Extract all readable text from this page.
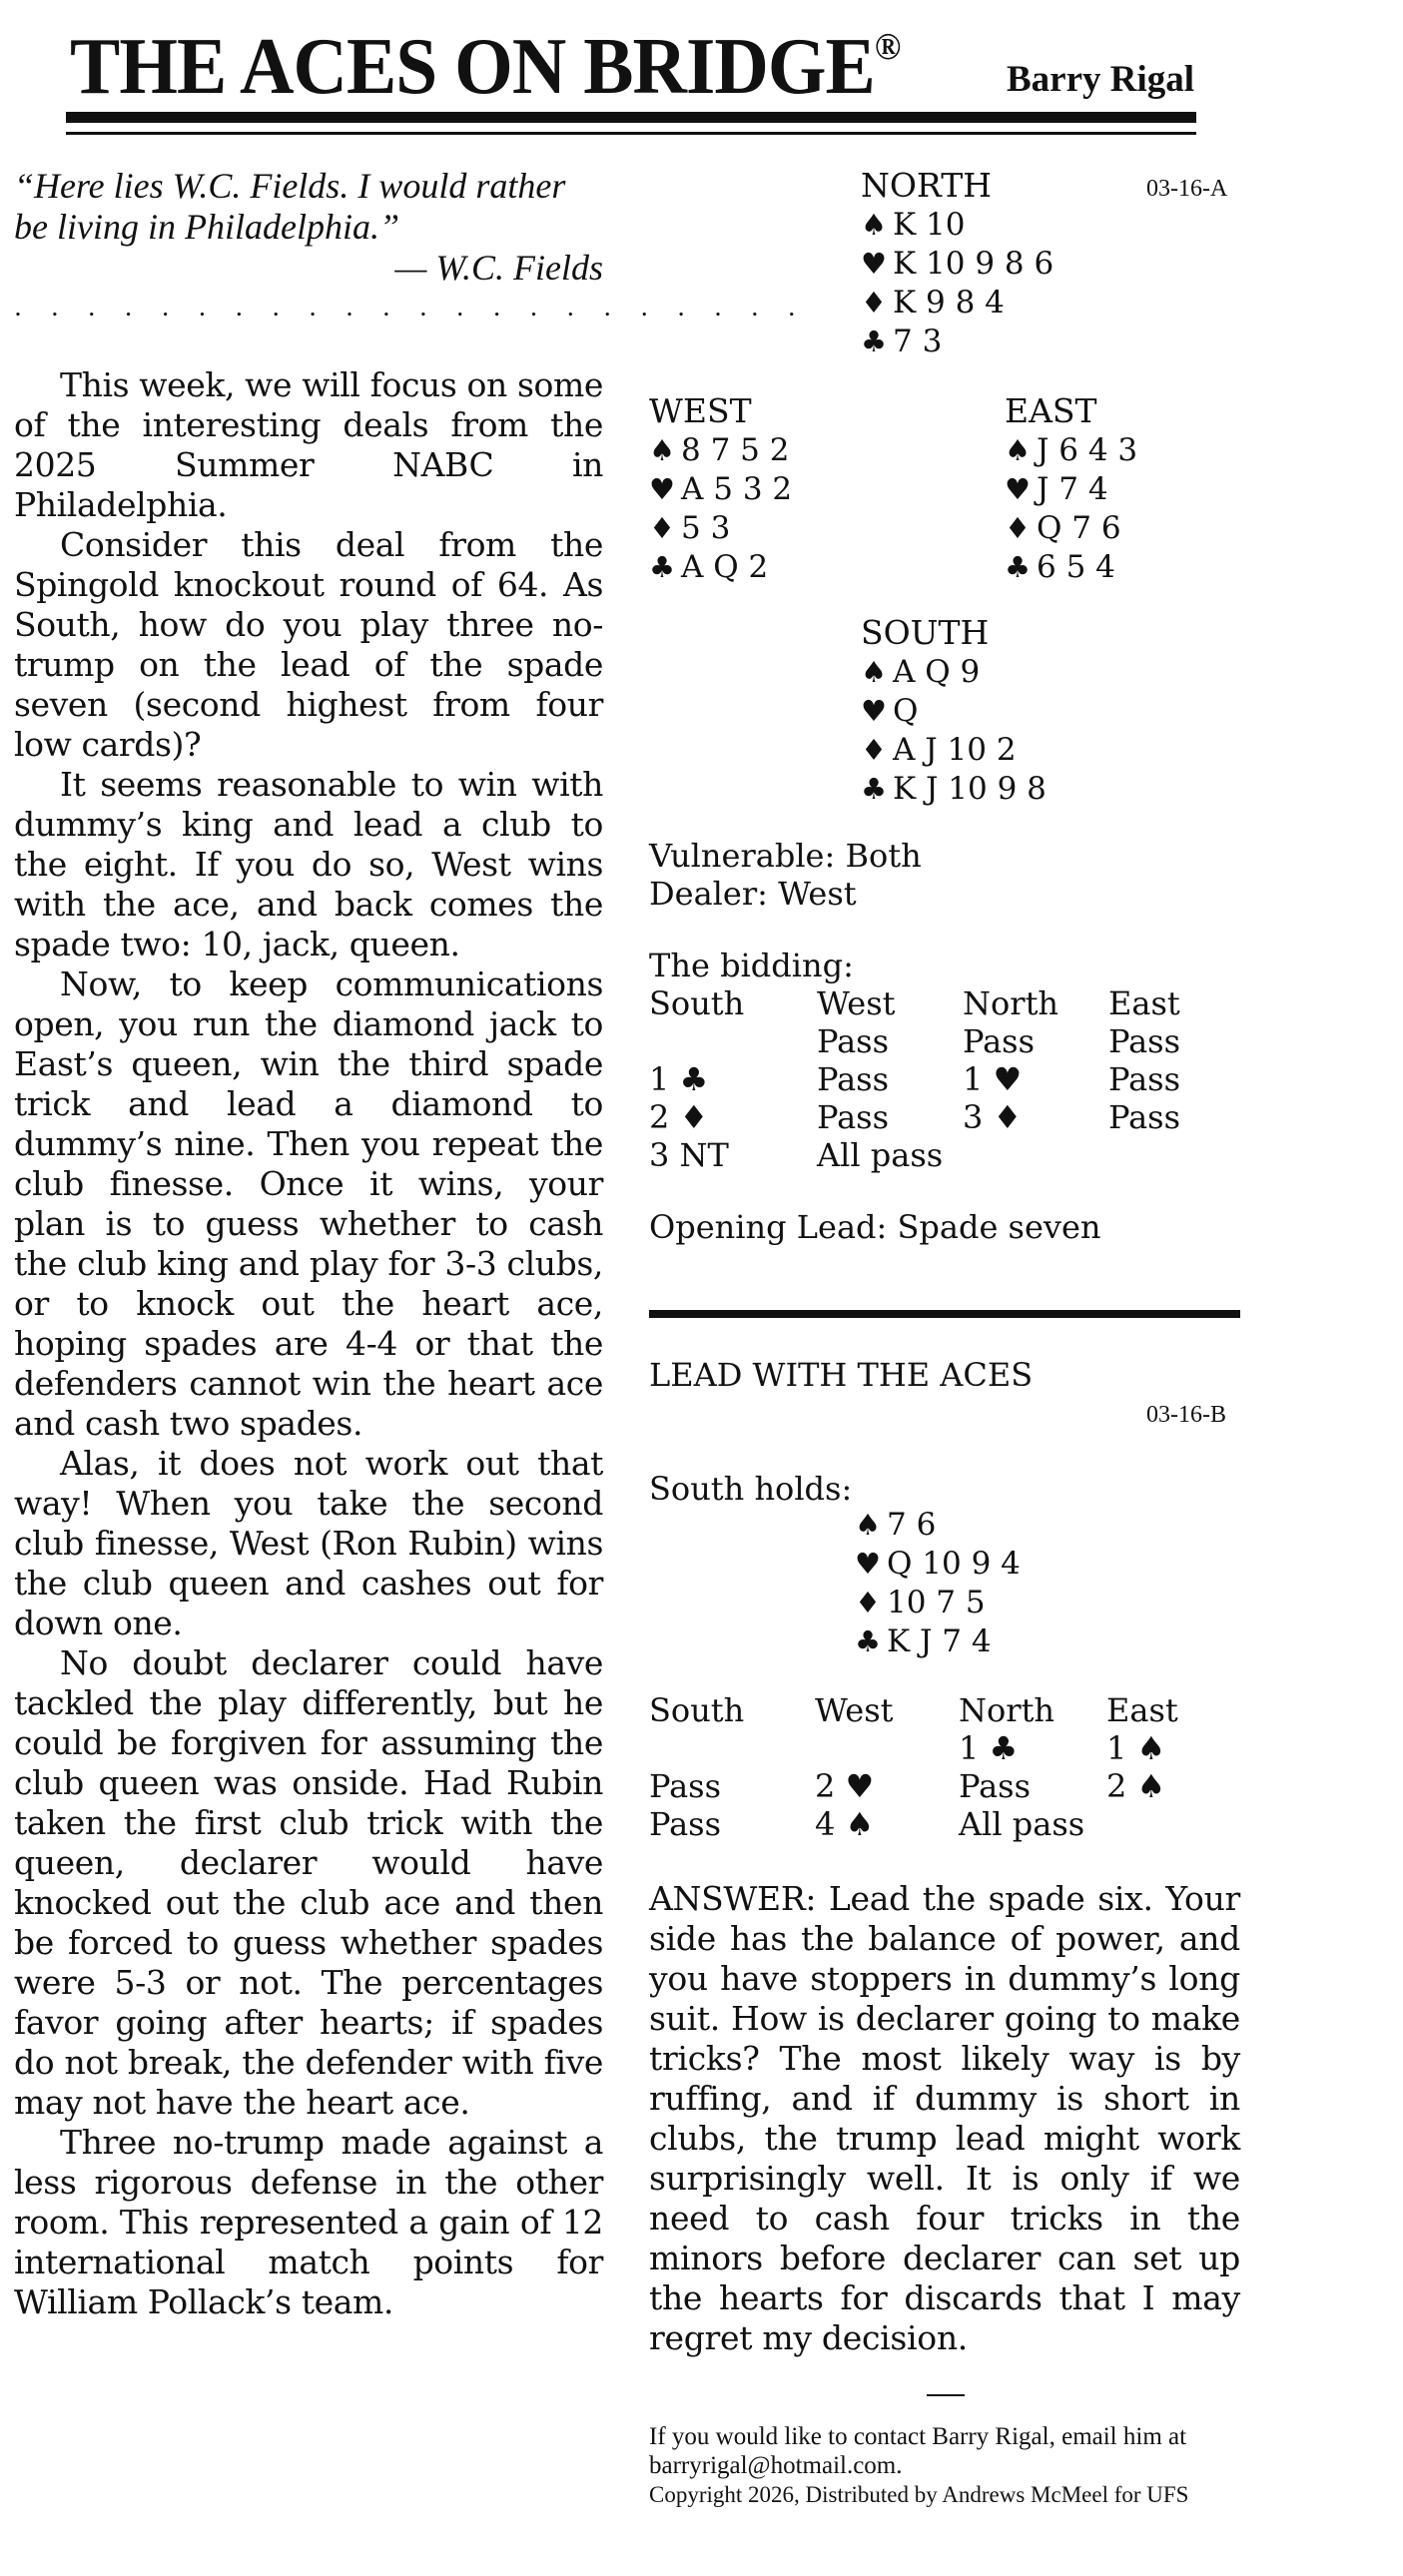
THE ACES ON BRIDGE®
Barry Rigal
“Here lies W.C. Fields. I would rather be living in Philadelphia.”
— W.C. Fields
. . . . . . . . . . . . . . . . . . . . . .

This week, we will focus on some of the interesting deals from the 2025 Summer NABC in Philadelphia.

Consider this deal from the Spingold knockout round of 64. As South, how do you play three no-trump on the lead of the spade seven (second highest from four low cards)?

It seems reasonable to win with dummy’s king and lead a club to the eight. If you do so, West wins with the ace, and back comes the spade two: 10, jack, queen.

Now, to keep communications open, you run the diamond jack to East’s queen, win the third spade trick and lead a diamond to dummy’s nine. Then you repeat the club finesse. Once it wins, your plan is to guess whether to cash the club king and play for 3-3 clubs, or to knock out the heart ace, hoping spades are 4-4 or that the defenders cannot win the heart ace and cash two spades.

Alas, it does not work out that way! When you take the second club finesse, West (Ron Rubin) wins the club queen and cashes out for down one.

No doubt declarer could have tackled the play differently, but he could be forgiven for assuming the club queen was onside. Had Rubin taken the first club trick with the queen, declarer would have knocked out the club ace and then be forced to guess whether spades were 5-3 or not. The percentages favor going after hearts; if spades do not break, the defender with five may not have the heart ace.

Three no-trump made against a less rigorous defense in the other room. This represented a gain of 12 international match points for William Pollack’s team.

03-16-A
NORTH
♠ K 10
♥ K 10 9 8 6
♦ K 9 8 4
♣ 7 3
WEST
♠ 8 7 5 2
♥ A 5 3 2
♦ 5 3
♣ A Q 2
EAST
♠ J 6 4 3
♥ J 7 4
♦ Q 7 6
♣ 6 5 4
SOUTH
♠ A Q 9
♥ Q
♦ A J 10 2
♣ K J 10 9 8
Vulnerable: Both
Dealer: West
The bidding:
South	West	North	East
	Pass	Pass	Pass
1 ♣	Pass	1 ♥	Pass
2 ♦	Pass	3 ♦	Pass
3 NT	All pass		
Opening Lead: Spade seven
LEAD WITH THE ACES
03-16-B
South holds:
♠ 7 6
♥ Q 10 9 4
♦ 10 7 5
♣ K J 7 4
South	West	North	East
		1 ♣	1 ♠
Pass	2 ♥	Pass	2 ♠
Pass	4 ♠	All pass	
ANSWER: Lead the spade six. Your side has the balance of power, and you have stoppers in dummy’s long suit. How is declarer going to make tricks? The most likely way is by ruffing, and if dummy is short in clubs, the trump lead might work surprisingly well. It is only if we need to cash four tricks in the minors before declarer can set up the hearts for discards that I may regret my decision.
If you would like to contact Barry Rigal, email him at barryrigal@hotmail.com.
Copyright 2026, Distributed by Andrews McMeel for UFS
